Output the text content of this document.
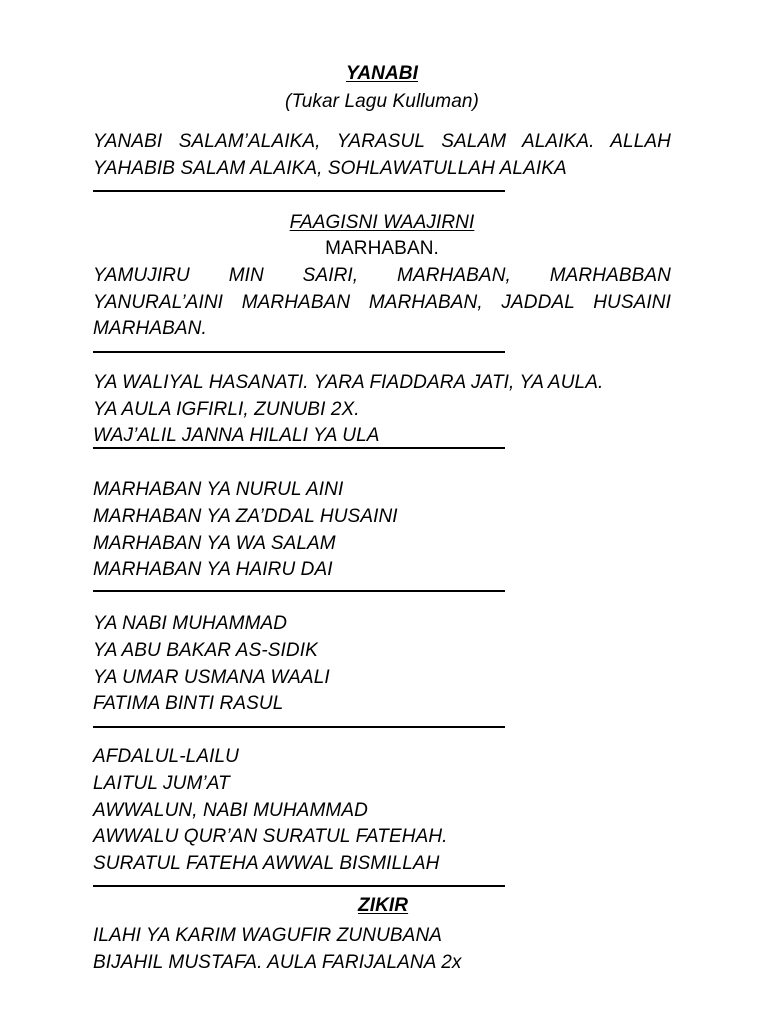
YANABI
(Tukar Lagu Kulluman)
YANABI SALAM’ALAIKA, YARASUL SALAM ALAIKA. ALLAH
YAHABIB SALAM ALAIKA, SOHLAWATULLAH ALAIKA
FAAGISNI WAAJIRNI
MARHABAN.
YAMUJIRU MIN SAIRI, MARHABAN, MARHABBAN
YANURAL’AINI MARHABAN MARHABAN, JADDAL HUSAINI
MARHABAN.
YA WALIYAL HASANATI. YARA FIADDARA JATI, YA AULA.
YA AULA IGFIRLI, ZUNUBI 2X.
WAJ’ALIL JANNA HILALI YA ULA
MARHABAN YA NURUL AINI
MARHABAN YA ZA’DDAL HUSAINI
MARHABAN YA WA SALAM
MARHABAN YA HAIRU DAI
YA NABI MUHAMMAD
YA ABU BAKAR AS-SIDIK
YA UMAR USMANA WAALI
FATIMA BINTI RASUL
AFDALUL-LAILU
LAITUL JUM’AT
AWWALUN, NABI MUHAMMAD
AWWALU QUR’AN SURATUL FATEHAH.
SURATUL FATEHA AWWAL BISMILLAH
ZIKIR
ILAHI YA KARIM WAGUFIR ZUNUBANA
BIJAHIL MUSTAFA. AULA FARIJALANA 2x
